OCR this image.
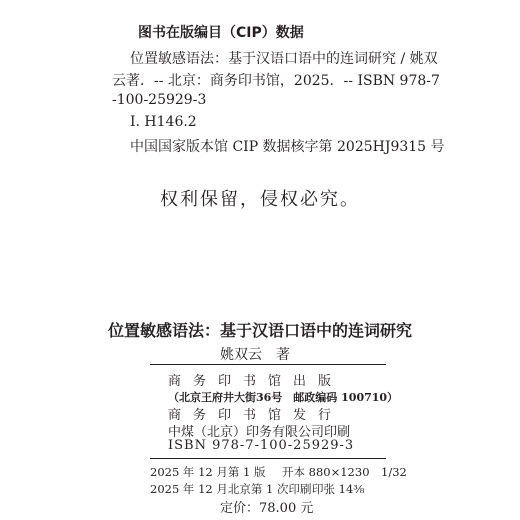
图书在版编目（CIP）数据
位置敏感语法：基于汉语口语中的连词研究 / 姚双
云著．-- 北京：商务印书馆，2025．-- ISBN 978-7
-100-25929-3
Ⅰ. H146.2
中国国家版本馆 CIP 数据核字第 2025HJ9315 号
权利保留，侵权必究。
位置敏感语法：基于汉语口语中的连词研究
姚双云　著
商务印书馆出版
（北京王府井大街36号　邮政编码 100710）
商务印书馆发行
中煤（北京）印务有限公司印刷
ISBN 978-7-100-25929-3
2025 年 12 月第 1 版 开本 880×1230　1/32
2025 年 12 月北京第 1 次印刷 印张 14⅜
定价：78.00 元
